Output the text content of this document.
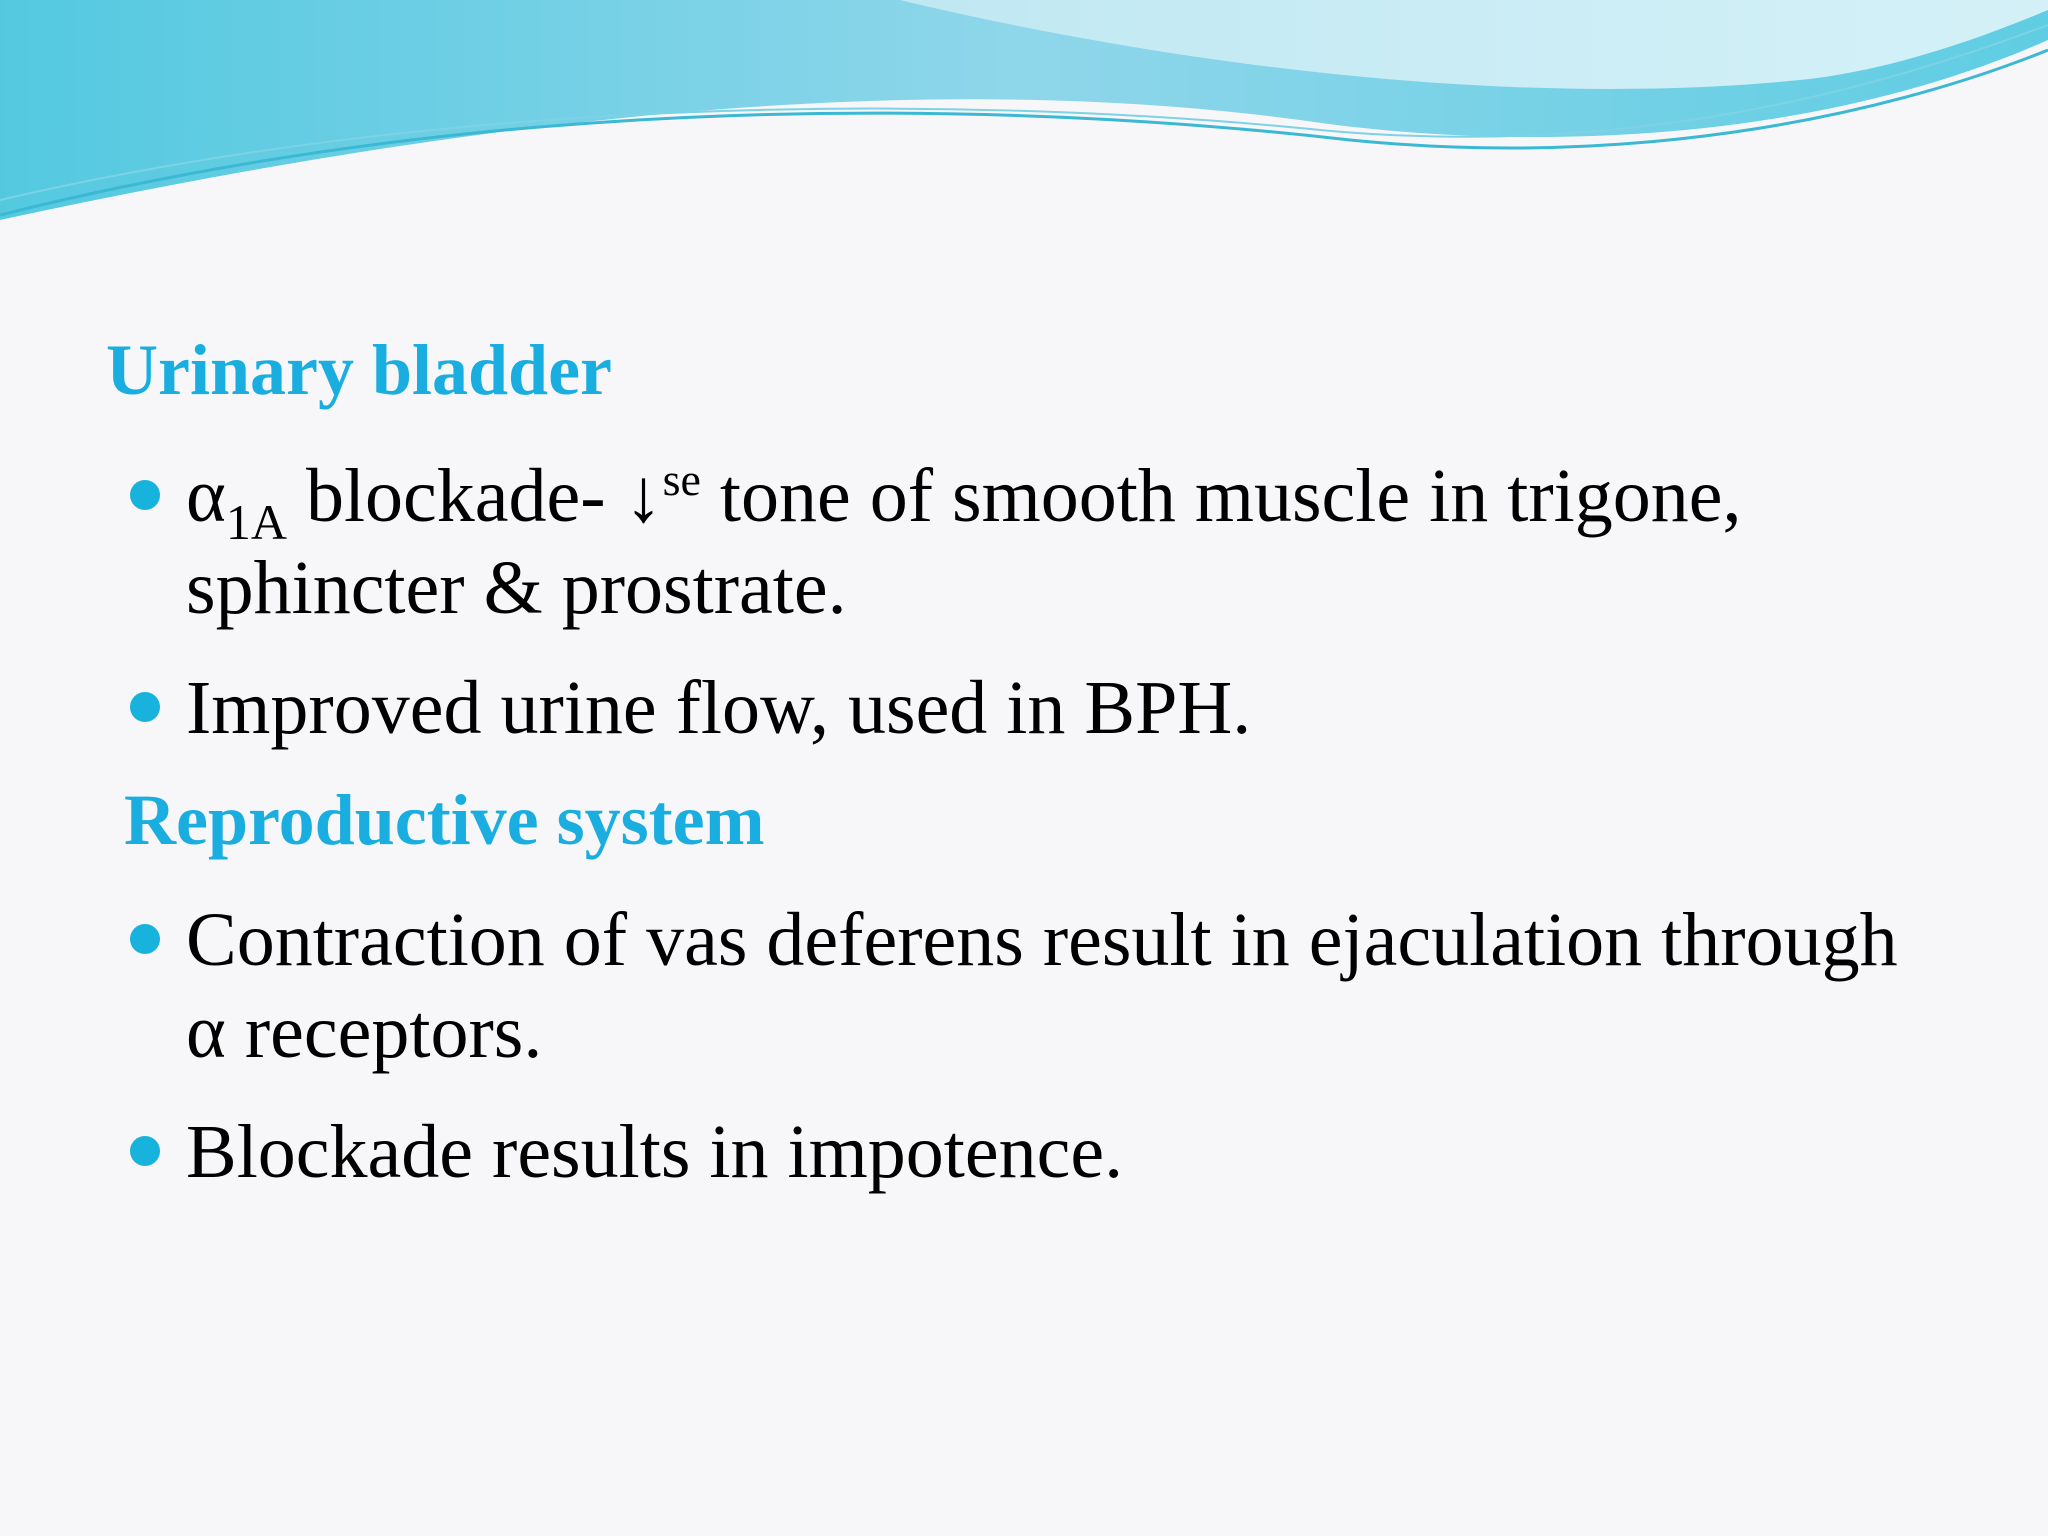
Urinary bladder
$\alpha_{1A}$ blockade- ↓$^{se}$ tone of smooth muscle in trigone, sphincter & prostrate.
Improved urine flow, used in BPH.
Reproductive system
Contraction of vas deferens result in ejaculation through α receptors.
Blockade results in impotence.
